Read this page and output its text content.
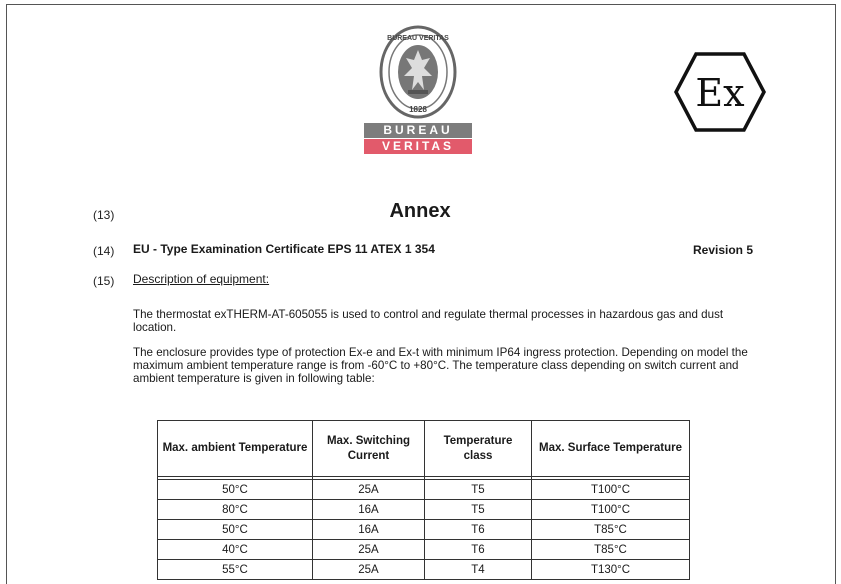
BUREAU VERITAS
1828
BUREAU
VERITAS
Ex
(13)	Annex
(14) EU - Type Examination Certificate EPS 11 ATEX 1 354	Revision 5
(15) Description of equipment:
The thermostat exTHERM-AT-605055 is used to control and regulate thermal processes in hazardous gas and dust location.
The enclosure provides type of protection Ex-e and Ex-t with minimum IP64 ingress protection. Depending on model the maximum ambient temperature range is from -60°C to +80°C. The temperature class depending on switch current and ambient temperature is given in following table:
Max. ambient Temperature	Max. Switching Current	Temperature class	Max. Surface Temperature

50°C	25A	T5	T100°C
80°C	16A	T5	T100°C
50°C	16A	T6	T85°C
40°C	25A	T6	T85°C
55°C	25A	T4	T130°C
